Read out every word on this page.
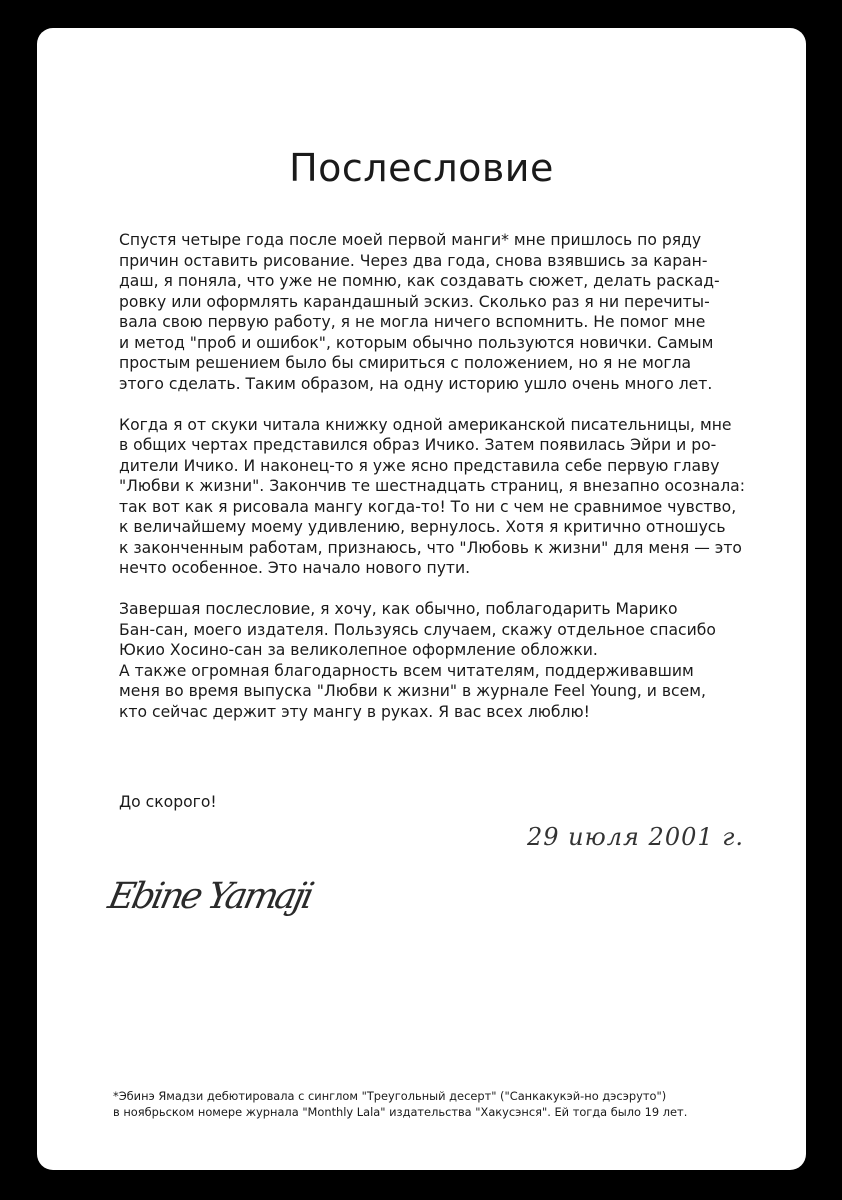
Послесловие

Спустя четыре года после моей первой манги* мне пришлось по ряду
причин оставить рисование. Через два года, снова взявшись за каран-
даш, я поняла, что уже не помню, как создавать сюжет, делать раскад-
ровку или оформлять карандашный эскиз. Сколько раз я ни перечиты-
вала свою первую работу, я не могла ничего вспомнить. Не помог мне
и метод "проб и ошибок", которым обычно пользуются новички. Самым
простым решением было бы смириться с положением, но я не могла
этого сделать. Таким образом, на одну историю ушло очень много лет.

Когда я от скуки читала книжку одной американской писательницы, мне
в общих чертах представился образ Ичико. Затем появилась Эйри и ро-
дители Ичико. И наконец-то я уже ясно представила себе первую главу
"Любви к жизни". Закончив те шестнадцать страниц, я внезапно осознала:
так вот как я рисовала мангу когда-то! То ни с чем не сравнимое чувство,
к величайшему моему удивлению, вернулось. Хотя я критично отношусь
к законченным работам, признаюсь, что "Любовь к жизни" для меня — это
нечто особенное. Это начало нового пути.

Завершая послесловие, я хочу, как обычно, поблагодарить Марико
Бан-сан, моего издателя. Пользуясь случаем, скажу отдельное спасибо
Юкио Хосино-сан за великолепное оформление обложки.
А также огромная благодарность всем читателям, поддерживавшим
меня во время выпуска "Любви к жизни" в журнале Feel Young, и всем,
кто сейчас держит эту мангу в руках. Я вас всех люблю!

До скорого!
29 июля 2001 г.
Ebine Yamaji
*Эбинэ Ямадзи дебютировала с синглом "Треугольный десерт" ("Санкакукэй-но дэсэруто")
в ноябрьском номере журнала "Monthly Lala" издательства "Хакусэнся". Ей тогда было 19 лет.
